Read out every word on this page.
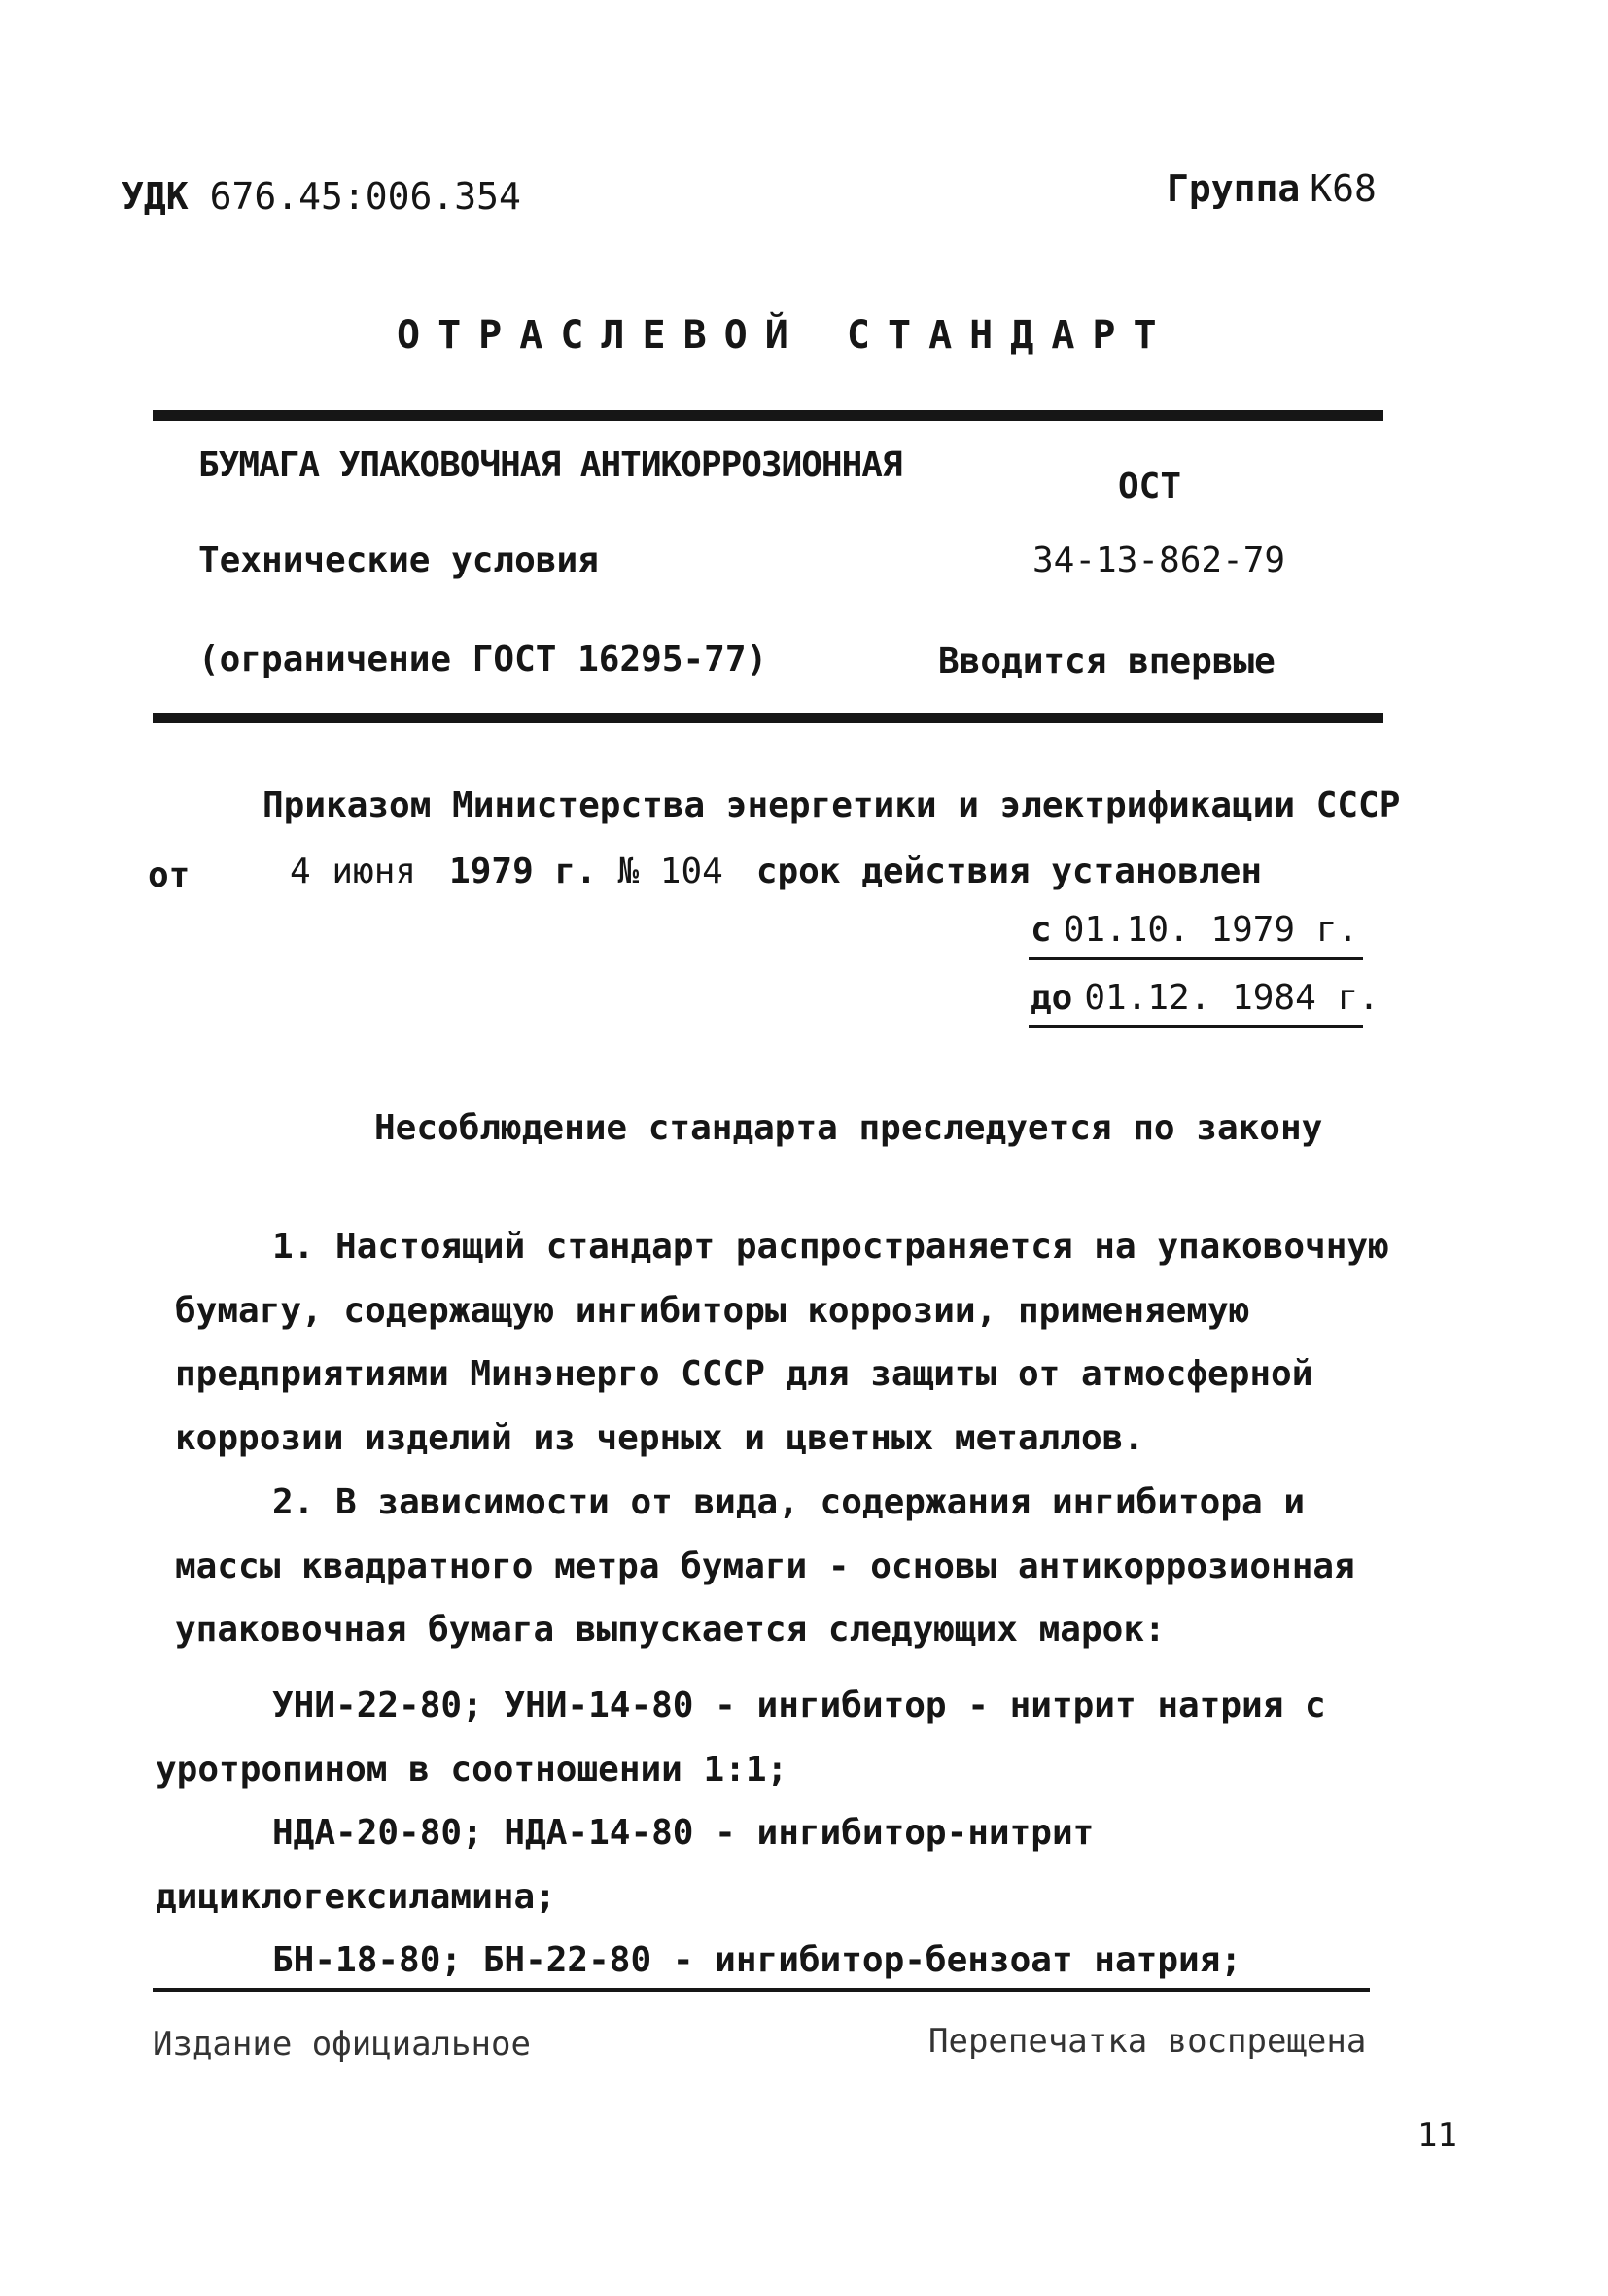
УДК 676.45:006.354	Группа К68
ОТРАСЛЕВОЙ СТАНДАРТ
БУМАГА УПАКОВОЧНАЯ АНТИКОРРОЗИОННАЯ
ОСТ
Технические условия	34-13-862-79
(ограничение ГОСТ 16295-77)	Вводится впервые
Приказом Министерства энергетики и электрификации СССР
от	4 июня 1979 г. № 104 срок действия установлен
с 01.10. 1979 г.
до 01.12. 1984 г.
Несоблюдение стандарта преследуется по закону
1. Настоящий стандарт распространяется на упаковочную бумагу, содержащую ингибиторы коррозии, применяемую предприятиями Минэнерго СССР для защиты от атмосферной коррозии изделий из черных и цветных металлов.
2. В зависимости от вида, содержания ингибитора и массы квадратного метра бумаги - основы антикоррозионная упаковочная бумага выпускается следующих марок:
УНИ-22-80; УНИ-14-80 - ингибитор - нитрит натрия с уротропином в соотношении 1:1;
НДА-20-80; НДА-14-80 - ингибитор-нитрит дициклогексиламина;
БН-18-80; БН-22-80 - ингибитор-бензоат натрия;
Издание официальное	Перепечатка воспрещена
11
